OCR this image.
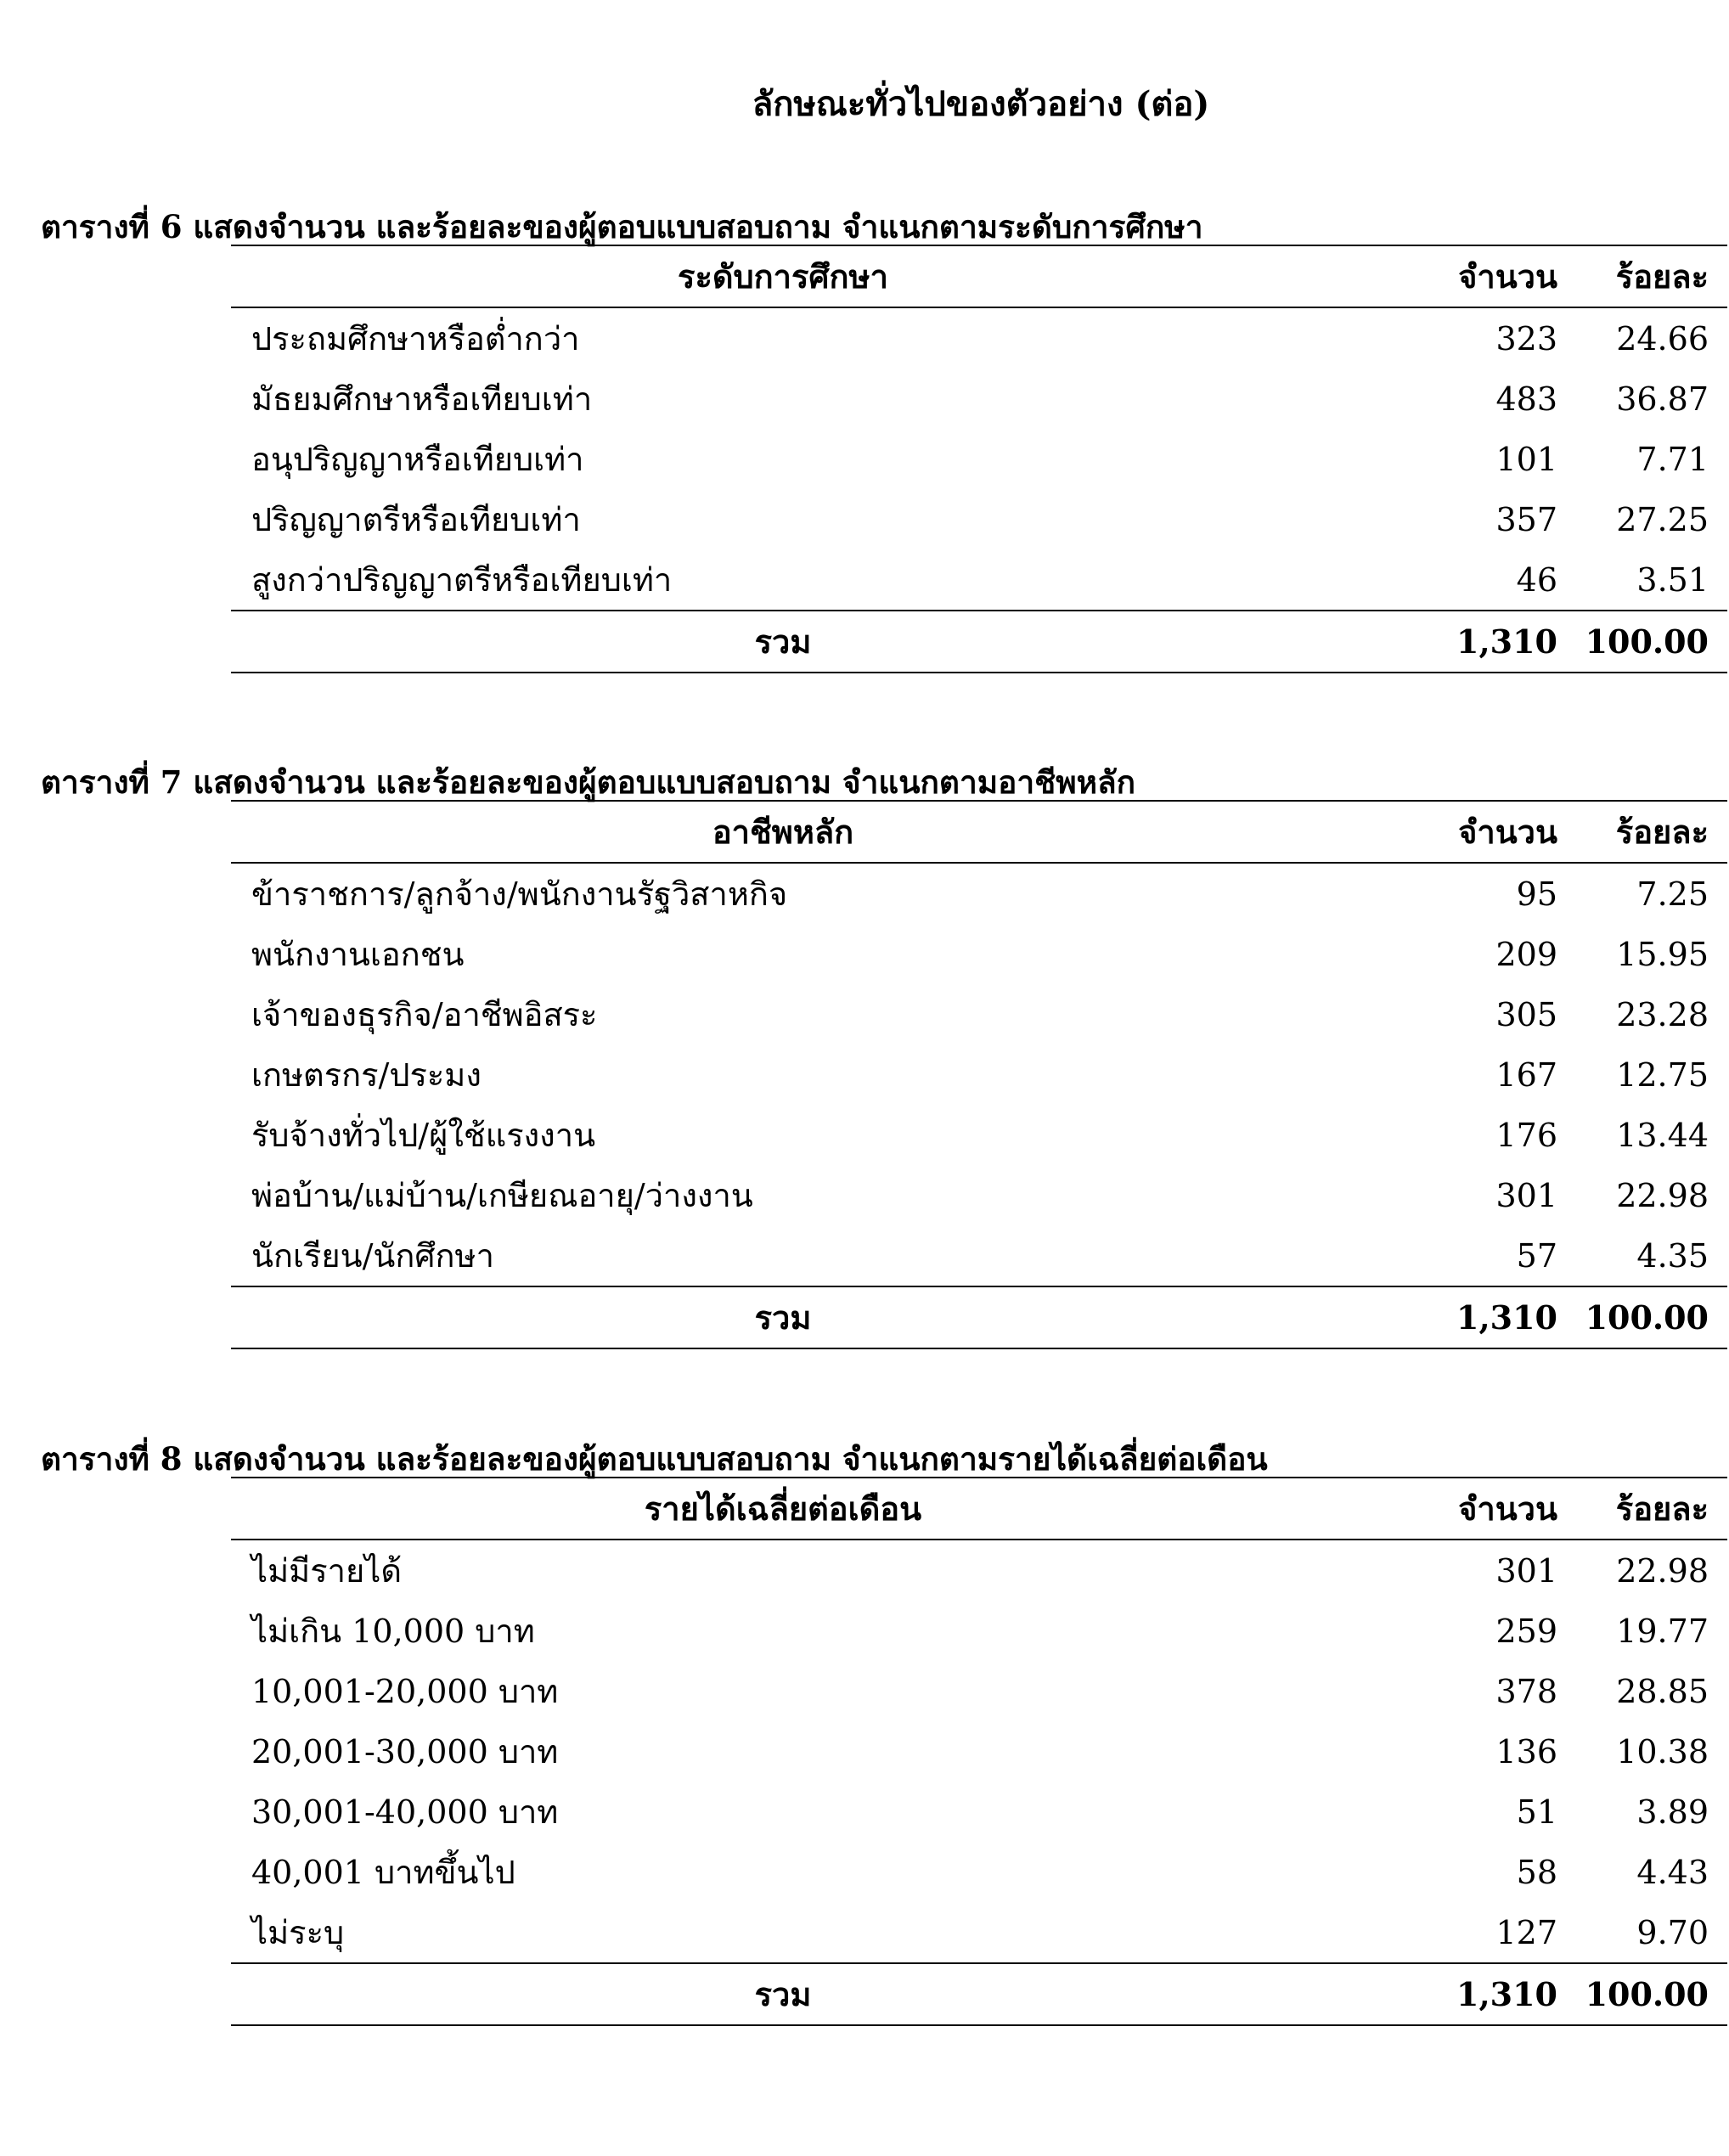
ลักษณะทั่วไปของตัวอย่าง (ต่อ)
ตารางที่ 6 แสดงจำนวน และร้อยละของผู้ตอบแบบสอบถาม จำแนกตามระดับการศึกษา
ระดับการศึกษา	จำนวน	ร้อยละ
ประถมศึกษาหรือต่ำกว่า	323	24.66
มัธยมศึกษาหรือเทียบเท่า	483	36.87
อนุปริญญาหรือเทียบเท่า	101	7.71
ปริญญาตรีหรือเทียบเท่า	357	27.25
สูงกว่าปริญญาตรีหรือเทียบเท่า	46	3.51
รวม	1,310	100.00
ตารางที่ 7 แสดงจำนวน และร้อยละของผู้ตอบแบบสอบถาม จำแนกตามอาชีพหลัก
อาชีพหลัก	จำนวน	ร้อยละ
ข้าราชการ/ลูกจ้าง/พนักงานรัฐวิสาหกิจ	95	7.25
พนักงานเอกชน	209	15.95
เจ้าของธุรกิจ/อาชีพอิสระ	305	23.28
เกษตรกร/ประมง	167	12.75
รับจ้างทั่วไป/ผู้ใช้แรงงาน	176	13.44
พ่อบ้าน/แม่บ้าน/เกษียณอายุ/ว่างงาน	301	22.98
นักเรียน/นักศึกษา	57	4.35
รวม	1,310	100.00
ตารางที่ 8 แสดงจำนวน และร้อยละของผู้ตอบแบบสอบถาม จำแนกตามรายได้เฉลี่ยต่อเดือน
รายได้เฉลี่ยต่อเดือน	จำนวน	ร้อยละ
ไม่มีรายได้	301	22.98
ไม่เกิน 10,000 บาท	259	19.77
10,001-20,000 บาท	378	28.85
20,001-30,000 บาท	136	10.38
30,001-40,000 บาท	51	3.89
40,001 บาทขึ้นไป	58	4.43
ไม่ระบุ	127	9.70
รวม	1,310	100.00
